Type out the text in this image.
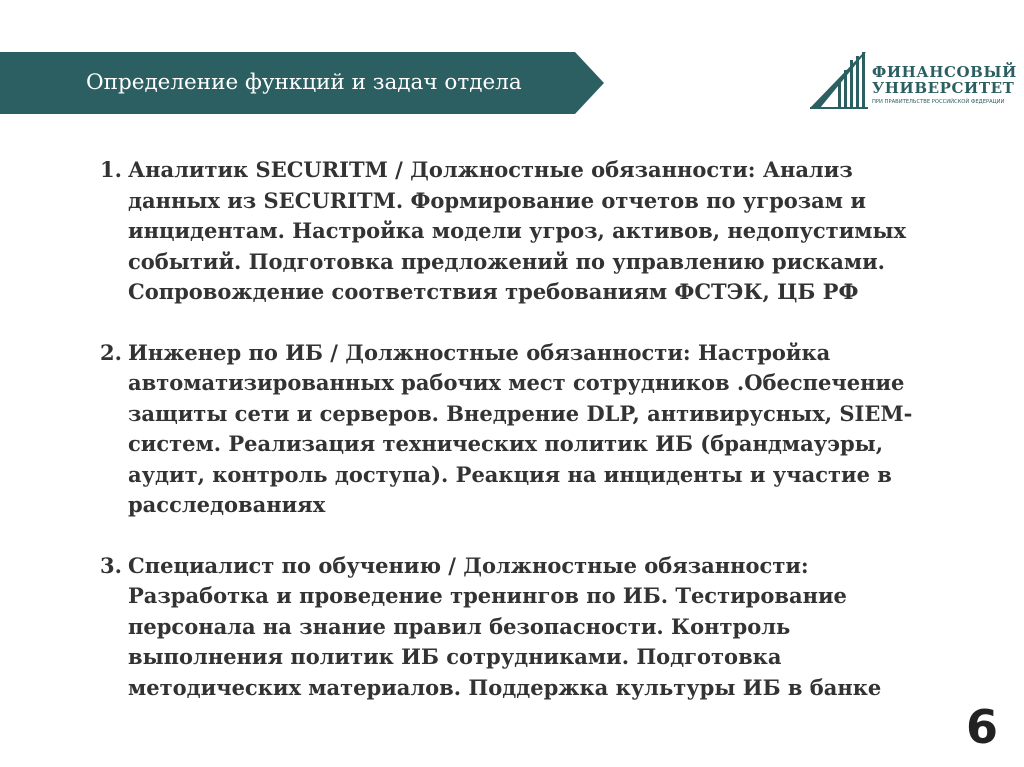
Определение функций и задач отдела	ФИНАНСОВЫЙ
УНИВЕРСИТЕТ
ПРИ ПРАВИТЕЛЬСТВЕ РОССИЙСКОЙ ФЕДЕРАЦИИ
1. Аналитик SECURITM / Должностные обязанности: Анализ
данных из SECURITM. Формирование отчетов по угрозам и
инцидентам. Настройка модели угроз, активов, недопустимых
событий. Подготовка предложений по управлению рисками.
Сопровождение соответствия требованиям ФСТЭК, ЦБ РФ
2. Инженер по ИБ / Должностные обязанности: Настройка
автоматизированных рабочих мест сотрудников .Обеспечение
защиты сети и серверов. Внедрение DLP, антивирусных, SIEM-
систем. Реализация технических политик ИБ (брандмауэры,
аудит, контроль доступа). Реакция на инциденты и участие в
расследованиях
3. Специалист по обучению / Должностные обязанности:
Разработка и проведение тренингов по ИБ. Тестирование
персонала на знание правил безопасности. Контроль
выполнения политик ИБ сотрудниками. Подготовка
методических материалов. Поддержка культуры ИБ в банке
6
